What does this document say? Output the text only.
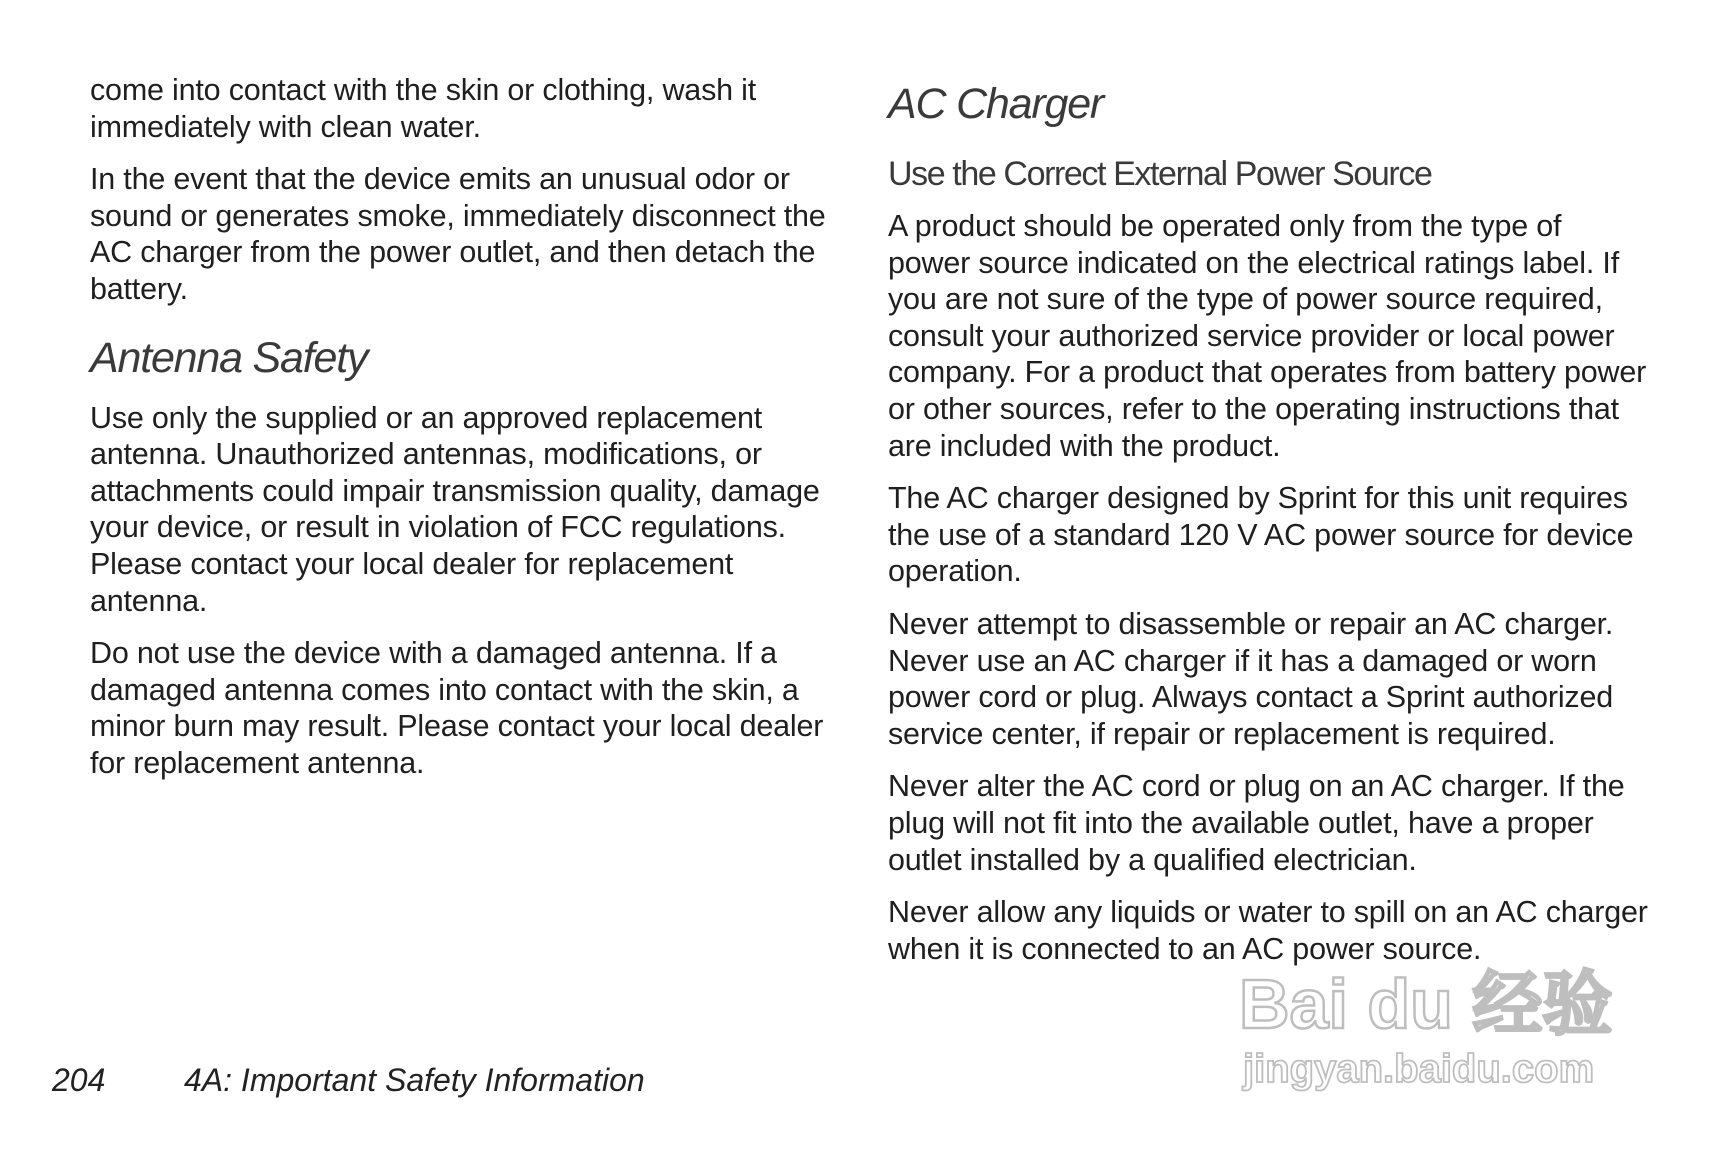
come into contact with the skin or clothing, wash it immediately with clean water.

In the event that the device emits an unusual odor or sound or generates smoke, immediately disconnect the AC charger from the power outlet, and then detach the battery.

Antenna Safety

Use only the supplied or an approved replacement antenna. Unauthorized antennas, modifications, or attachments could impair transmission quality, damage your device, or result in violation of FCC regulations. Please contact your local dealer for replacement antenna.

Do not use the device with a damaged antenna. If a damaged antenna comes into contact with the skin, a minor burn may result. Please contact your local dealer for replacement antenna.

AC Charger
Use the Correct External Power Source

A product should be operated only from the type of power source indicated on the electrical ratings label. If you are not sure of the type of power source required, consult your authorized service provider or local power company. For a product that operates from battery power or other sources, refer to the operating instructions that are included with the product.

The AC charger designed by Sprint for this unit requires the use of a standard 120 V AC power source for device operation.

Never attempt to disassemble or repair an AC charger. Never use an AC charger if it has a damaged or worn power cord or plug. Always contact a Sprint authorized service center, if repair or replacement is required.

Never alter the AC cord or plug on an AC charger. If the plug will not fit into the available outlet, have a proper outlet installed by a qualified electrician.

Never allow any liquids or water to spill on an AC charger when it is connected to an AC power source.

204 4A: Important Safety Information
Bai du 经验
jingyan.baidu.com
